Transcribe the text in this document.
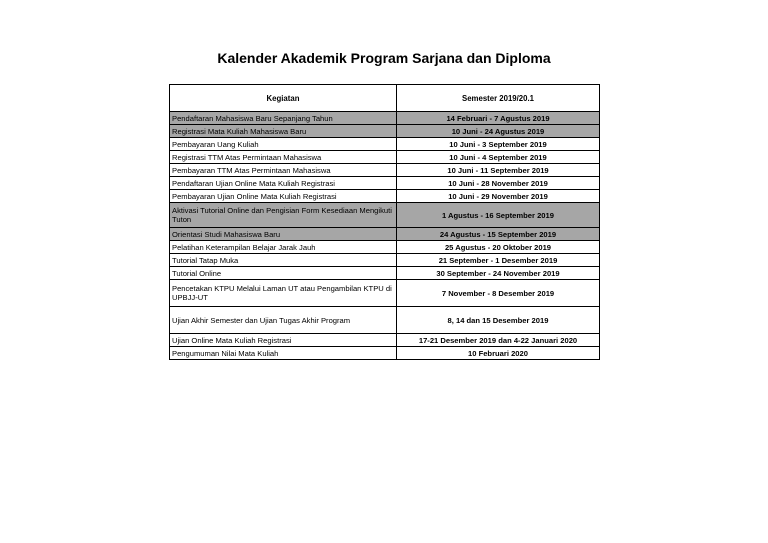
Kalender Akademik Program Sarjana dan Diploma
Kegiatan	Semester 2019/20.1
Pendaftaran Mahasiswa Baru Sepanjang Tahun	14 Februari - 7 Agustus 2019
Registrasi Mata Kuliah Mahasiswa Baru	10 Juni - 24 Agustus 2019
Pembayaran Uang Kuliah	10 Juni - 3 September 2019
Registrasi TTM Atas Permintaan Mahasiswa	10 Juni - 4 September 2019
Pembayaran TTM Atas Permintaan Mahasiswa	10 Juni - 11 September 2019
Pendaftaran Ujian Online Mata Kuliah Registrasi	10 Juni - 28 November 2019
Pembayaran Ujian Online Mata Kuliah Registrasi	10 Juni - 29 November 2019
Aktivasi Tutorial Online dan Pengisian Form Kesediaan Mengikuti Tuton	1 Agustus - 16 September 2019
Orientasi Studi Mahasiswa Baru	24 Agustus - 15 September 2019
Pelatihan Keterampilan Belajar Jarak Jauh	25 Agustus - 20 Oktober 2019
Tutorial Tatap Muka	21 September - 1 Desember 2019
Tutorial Online	30 September - 24 November 2019
Pencetakan KTPU Melalui Laman UT atau Pengambilan KTPU di UPBJJ-UT	7 November - 8 Desember 2019
Ujian Akhir Semester dan Ujian Tugas Akhir Program	8, 14 dan 15 Desember 2019
Ujian Online Mata Kuliah Registrasi	17-21 Desember 2019 dan 4-22 Januari 2020
Pengumuman Nilai Mata Kuliah	10 Februari 2020
